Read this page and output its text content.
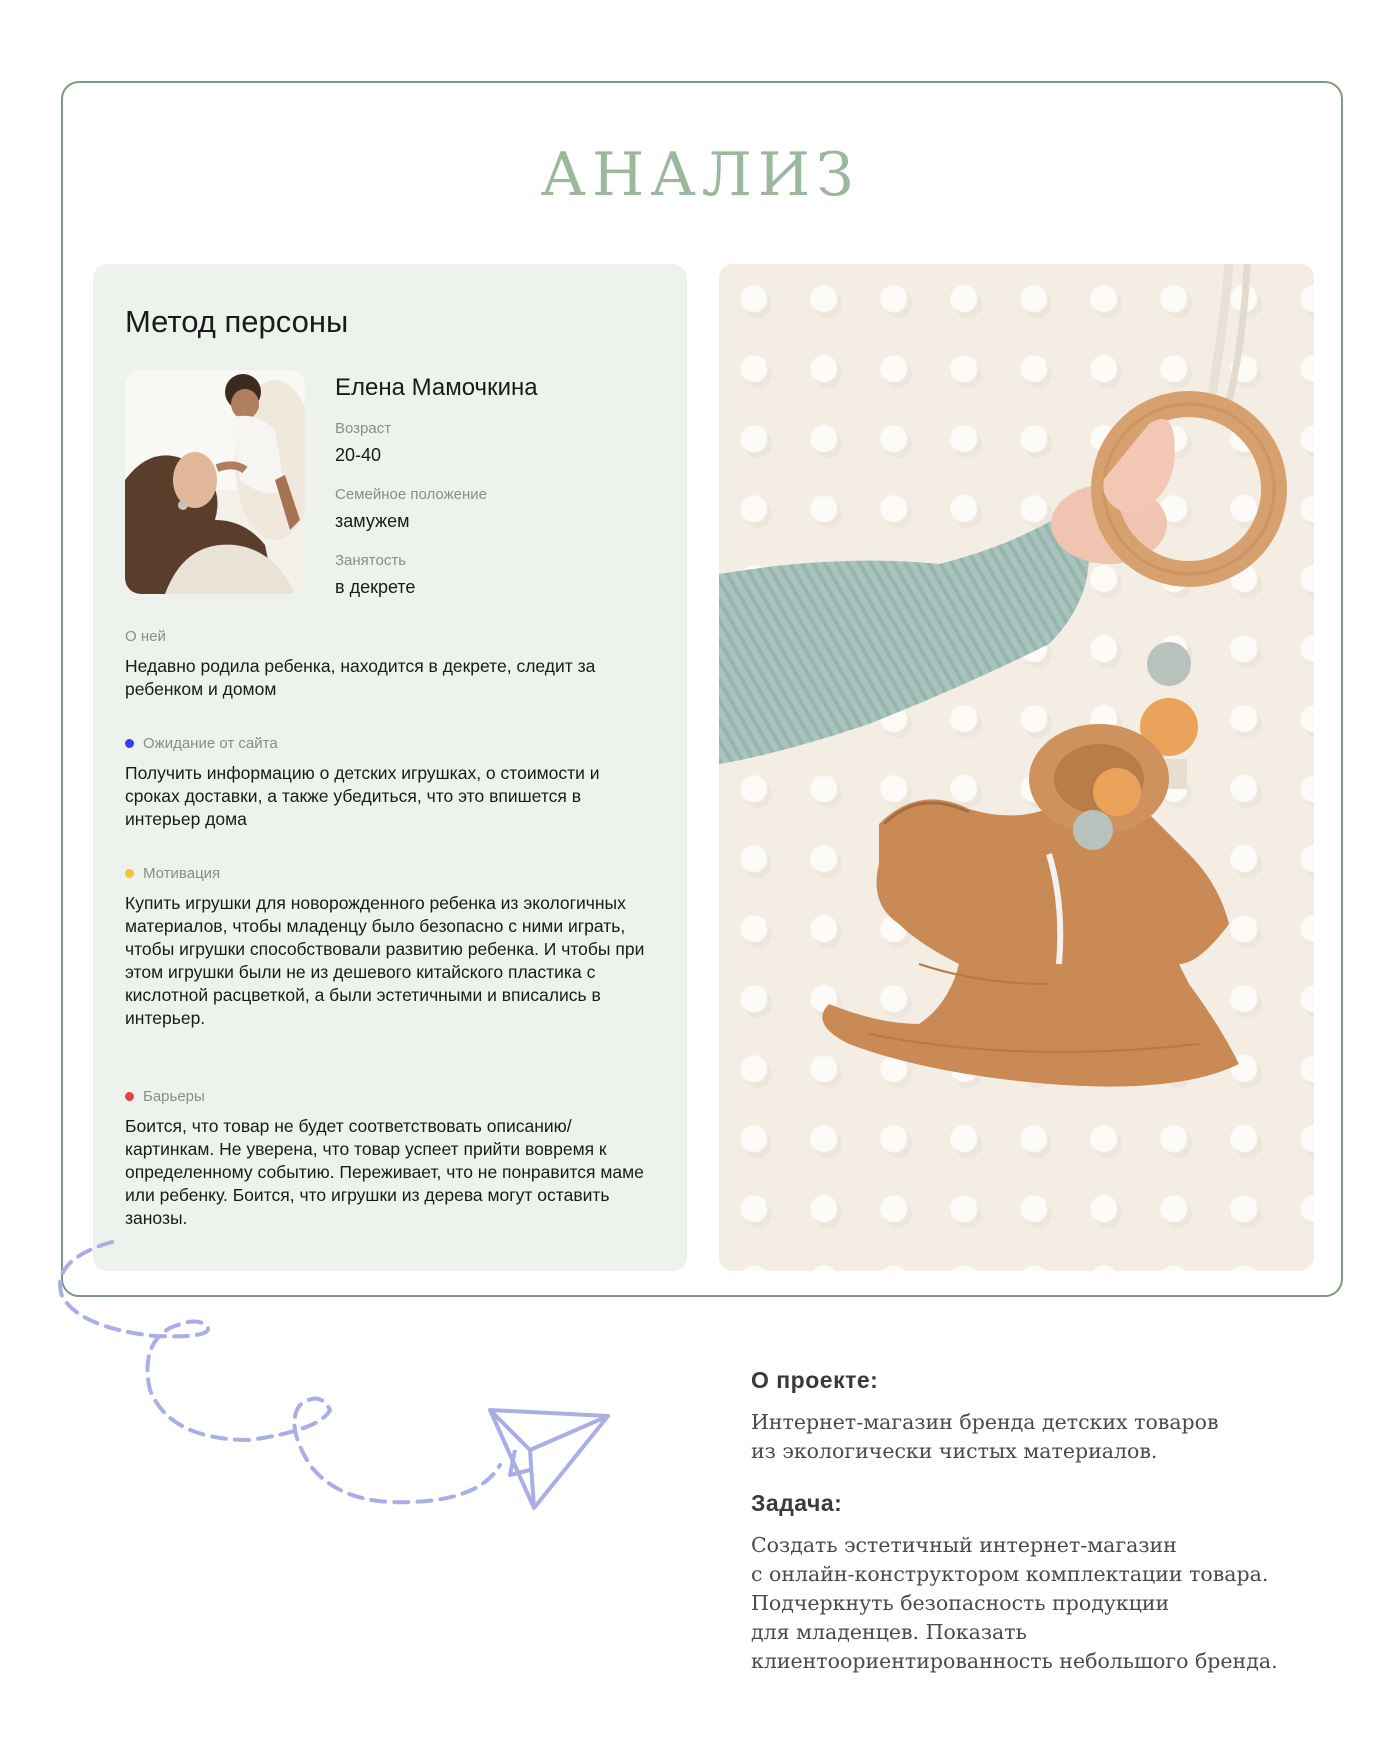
АНАЛИЗ
Метод персоны
Елена Мамочкина
Возраст
20-40
Семейное положение
замужем
Занятость
в декрете
О ней
Недавно родила ребенка, находится в декрете, следит за ребенком и домом
Ожидание от сайта
Получить информацию о детских игрушках, о стоимости и сроках доставки, а также убедиться, что это впишется в интерьер дома
Мотивация
Купить игрушки для новорожденного ребенка из экологичных материалов, чтобы младенцу было безопасно с ними играть, чтобы игрушки способствовали развитию ребенка. И чтобы при этом игрушки были не из дешевого китайского пластика с кислотной расцветкой, а были эстетичными и вписались в интерьер.
Барьеры
Боится, что товар не будет соответствовать описанию/картинкам. Не уверена, что товар успеет прийти вовремя к определенному событию. Переживает, что не понравится маме или ребенку. Боится, что игрушки из дерева могут оставить занозы.
О проекте:

Интернет-магазин бренда детских товаров
из экологически чистых материалов.

Задача:

Создать эстетичный интернет-магазин
с онлайн-конструктором комплектации товара.
Подчеркнуть безопасность продукции
для младенцев. Показать
клиентоориентированность небольшого бренда.
